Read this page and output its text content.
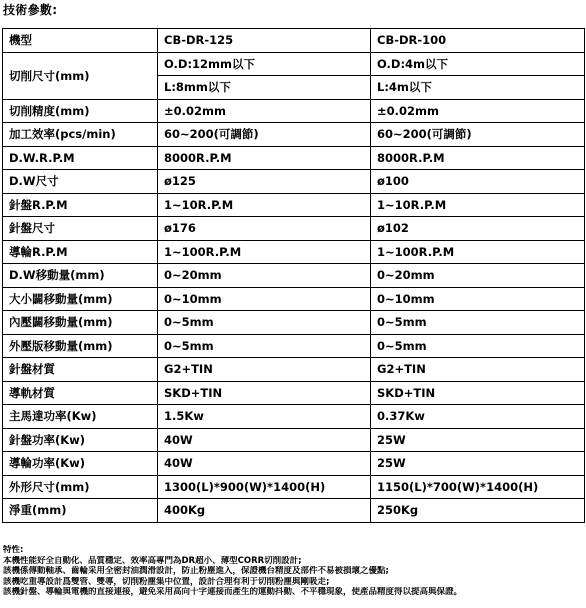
技術參數:
機型	CB-DR-125	CB-DR-100
切削尺寸(mm)	O.D:12mm以下	O.D:4m以下
	L:8mm以下	L:4m以下
切削精度(mm)	±0.02mm	±0.02mm
加工效率(pcs/min)	60~200(可調節)	60~200(可調節)
D.W.R.P.M	8000R.P.M	8000R.P.M
D.W尺寸	ø125	ø100
針盤R.P.M	1~10R.P.M	1~10R.P.M
針盤尺寸	ø176	ø102
導輪R.P.M	1~100R.P.M	1~100R.P.M
D.W移動量(mm)	0~20mm	0~20mm
大小闢移動量(mm)	0~10mm	0~10mm
內壓闢移動量(mm)	0~5mm	0~5mm
外壓版移動量(mm)	0~5mm	0~5mm
針盤材質	G2+TIN	G2+TIN
導軌材質	SKD+TIN	SKD+TIN
主馬達功率(Kw)	1.5Kw	0.37Kw
針盤功率(Kw)	40W	25W
導輪功率(Kw)	40W	25W
外形尺寸(mm)	1300(L)*900(W)*1400(H)	1150(L)*700(W)*1400(H)
淨重(mm)	400Kg	250Kg
特性:
本機性能好全自動化、品質穩定、效率高專門為DR超小、薄型CORR切削設計;
該機係傳動軸承、齒輪采用全密封油潤滑設計，防止粉塵進入，保證機台精度及部件不易被損壞之優點;
該機吃重導設計爲雙管、雙導，切削粉塵集中位置，設計合理有利于切削粉塵與剛吸走;
該機針盤、導輪與電機的直接連接，避免采用高向十字連接而產生的運動抖動、不平穩現象，使產品精度得以提高與保證。
